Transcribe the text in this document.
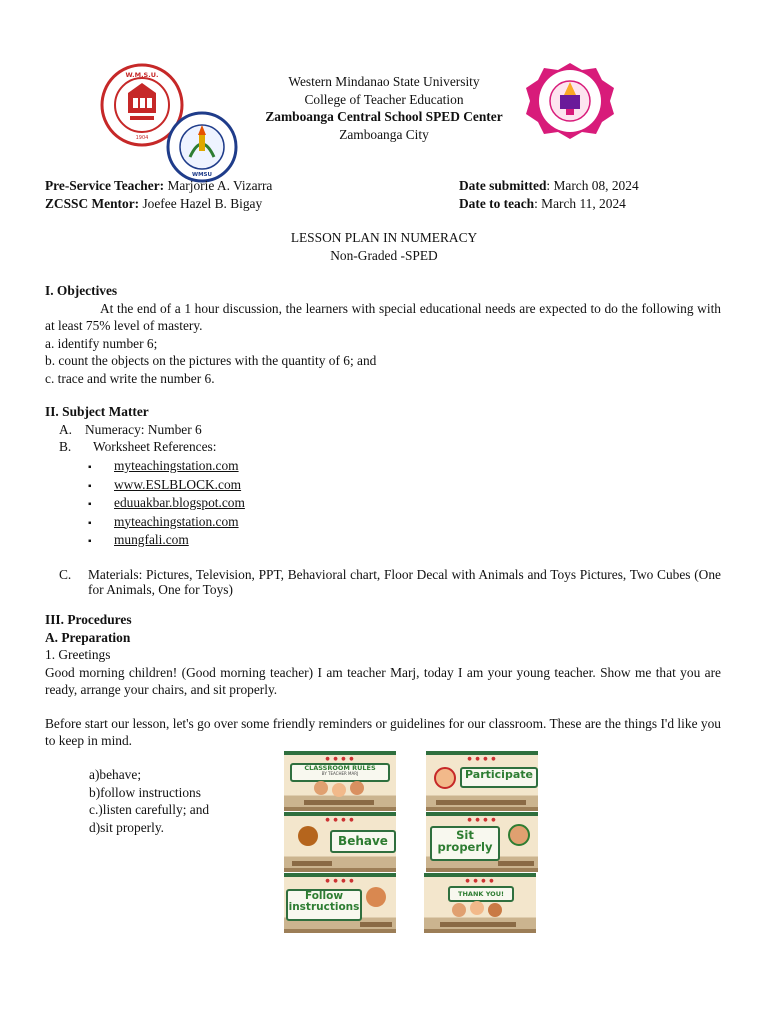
W.M.S.U.
1904
WMSU
Western Mindanao State University
College of Teacher Education
Zamboanga Central School SPED Center
Zamboanga City
Pre-Service Teacher: Marjorie A. Vizarra
ZCSSC Mentor: Joefee Hazel B. Bigay
Date submitted: March 08, 2024
Date to teach: March 11, 2024
LESSON PLAN IN NUMERACY
Non-Graded -SPED
I. Objectives
At the end of a 1 hour discussion, the learners with special educational needs are expected to do the following with at least 75% level of mastery.
a. identify number 6;
b. count the objects on the pictures with the quantity of 6; and
c. trace and write the number 6.
II. Subject Matter
A. Numeracy: Number 6
B. Worksheet References:
▪ myteachingstation.com
▪ www.ESLBLOCK.com
▪ eduuakbar.blogspot.com
▪ myteachingstation.com
▪ mungfali.com
C. Materials: Pictures, Television, PPT, Behavioral chart, Floor Decal with Animals and Toys Pictures, Two Cubes (One for Animals, One for Toys)
III. Procedures
A. Preparation
1. Greetings
Good morning children! (Good morning teacher) I am teacher Marj, today I am your young teacher. Show me that you are ready, arrange your chairs, and sit properly.
Before start our lesson, let's go over some friendly reminders or guidelines for our classroom. These are the things I'd like you to keep in mind.
a)behave;
b)follow instructions
c.)listen carefully; and
d)sit properly.
● ● ● ●
CLASSROOM RULES
BY TEACHER MARJ
● ● ● ●
Participate
● ● ● ●
Behave
● ● ● ●
Sit properly
● ● ● ●
Follow instructions
● ● ● ●
THANK YOU!
